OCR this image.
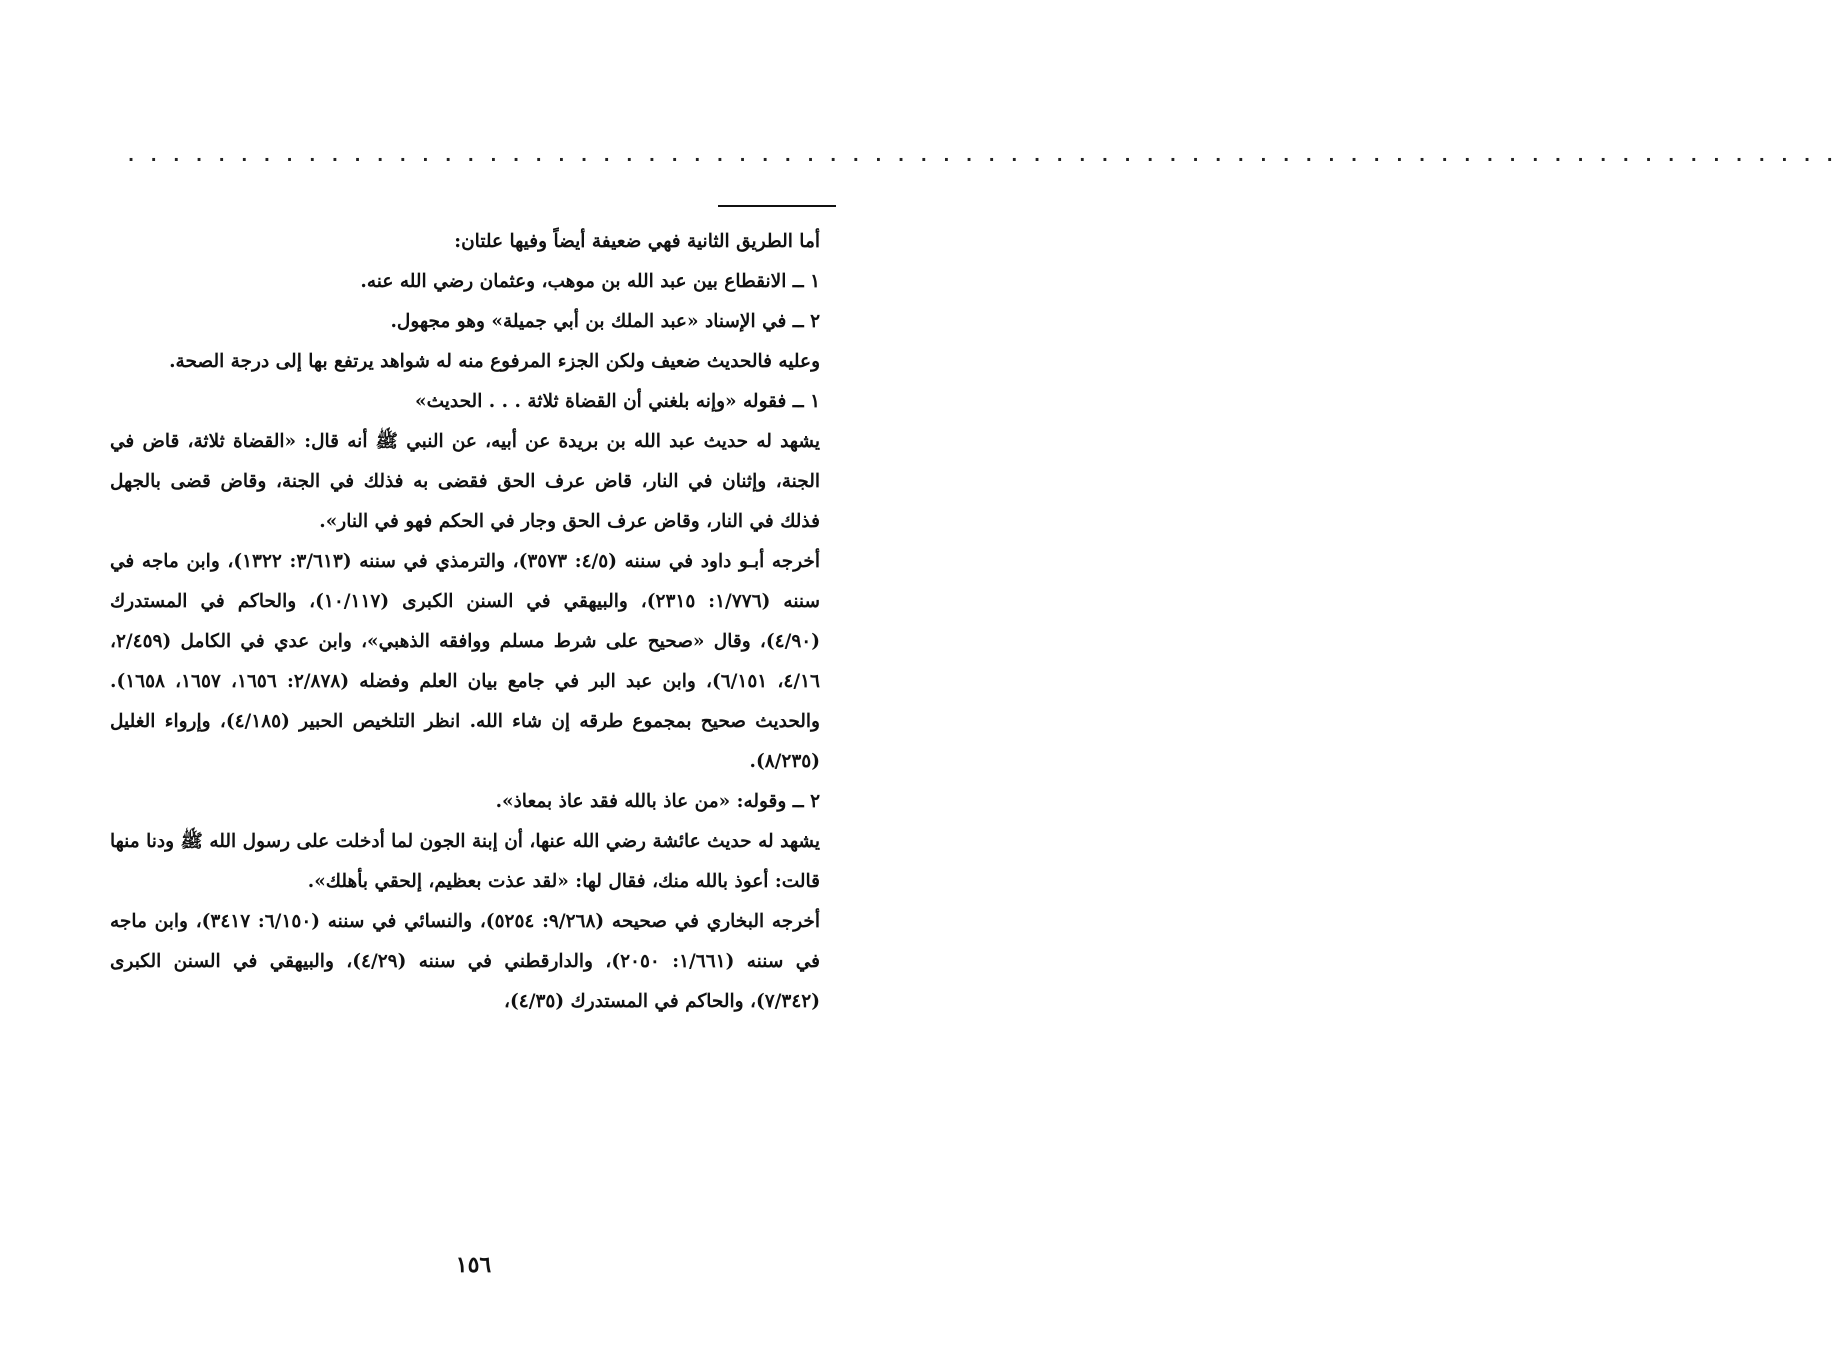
. . . . . . . . . . . . . . . . . . . . . . . . . . . . . . . . . . . . . . . . . . . . . . . . . . . . . . . . . . . . . . . . . . . . . . . . . . . .

أما الطريق الثانية فهي ضعيفة أيضاً وفيها علتان:

١ ــ الانقطاع بين عبد الله بن موهب، وعثمان رضي الله عنه.

٢ ــ في الإسناد «عبد الملك بن أبي جميلة» وهو مجهول.

وعليه فالحديث ضعيف ولكن الجزء المرفوع منه له شواهد يرتفع بها إلى درجة الصحة.

١ ــ فقوله «وإنه بلغني أن القضاة ثلاثة . . . الحديث»

يشهد له حديث عبد الله بن بريدة عن أبيه، عن النبي ﷺ أنه قال: «القضاة ثلاثة، قاض في الجنة، وإثنان في النار، قاض عرف الحق فقضى به فذلك في الجنة، وقاض قضى بالجهل فذلك في النار، وقاض عرف الحق وجار في الحكم فهو في النار».

أخرجه أبـو داود في سننه (٤/٥: ٣٥٧٣)، والترمذي في سننه (٣/٦١٣: ١٣٢٢)، وابن ماجه في سننه (١/٧٧٦: ٢٣١٥)، والبيهقي في السنن الكبرى (١٠/١١٧)، والحاكم في المستدرك (٤/٩٠)، وقال «صحيح على شرط مسلم ووافقه الذهبي»، وابن عدي في الكامل (٢/٤٥٩، ٤/١٦، ٦/١٥١)، وابن عبد البر في جامع بيان العلم وفضله (٢/٨٧٨: ١٦٥٦، ١٦٥٧، ١٦٥٨). والحديث صحيح بمجموع طرقه إن شاء الله. انظر التلخيص الحبير (٤/١٨٥)، وإرواء الغليل (٨/٢٣٥).

٢ ــ وقوله: «من عاذ بالله فقد عاذ بمعاذ».

يشهد له حديث عائشة رضي الله عنها، أن إبنة الجون لما أدخلت على رسول الله ﷺ ودنا منها قالت: أعوذ بالله منك، فقال لها: «لقد عذت بعظيم، إلحقي بأهلك».

أخرجه البخاري في صحيحه (٩/٢٦٨: ٥٢٥٤)، والنسائي في سننه (٦/١٥٠: ٣٤١٧)، وابن ماجه في سننه (١/٦٦١: ٢٠٥٠)، والدارقطني في سننه (٤/٢٩)، والبيهقي في السنن الكبرى (٧/٣٤٢)، والحاكم في المستدرك (٤/٣٥)،

١٥٦
